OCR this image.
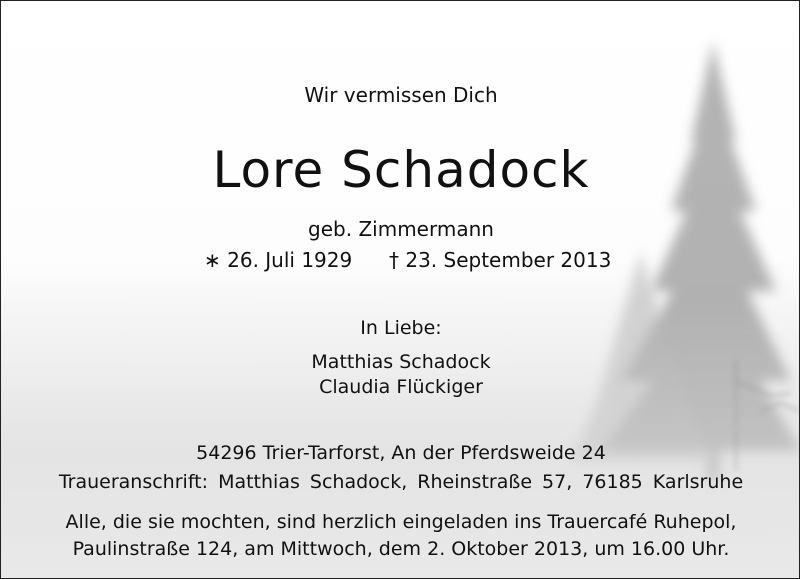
Wir vermissen Dich
Lore Schadock
geb. Zimmermann
∗ 26. Juli 1929 † 23. September 2013
In Liebe:
Matthias Schadock
Claudia Flückiger
54296 Trier-Tarforst, An der Pferdsweide 24
Traueranschrift: Matthias Schadock, Rheinstraße 57, 76185 Karlsruhe
Alle, die sie mochten, sind herzlich eingeladen ins Trauercafé Ruhepol,
Paulinstraße 124, am Mittwoch, dem 2. Oktober 2013, um 16.00 Uhr.
